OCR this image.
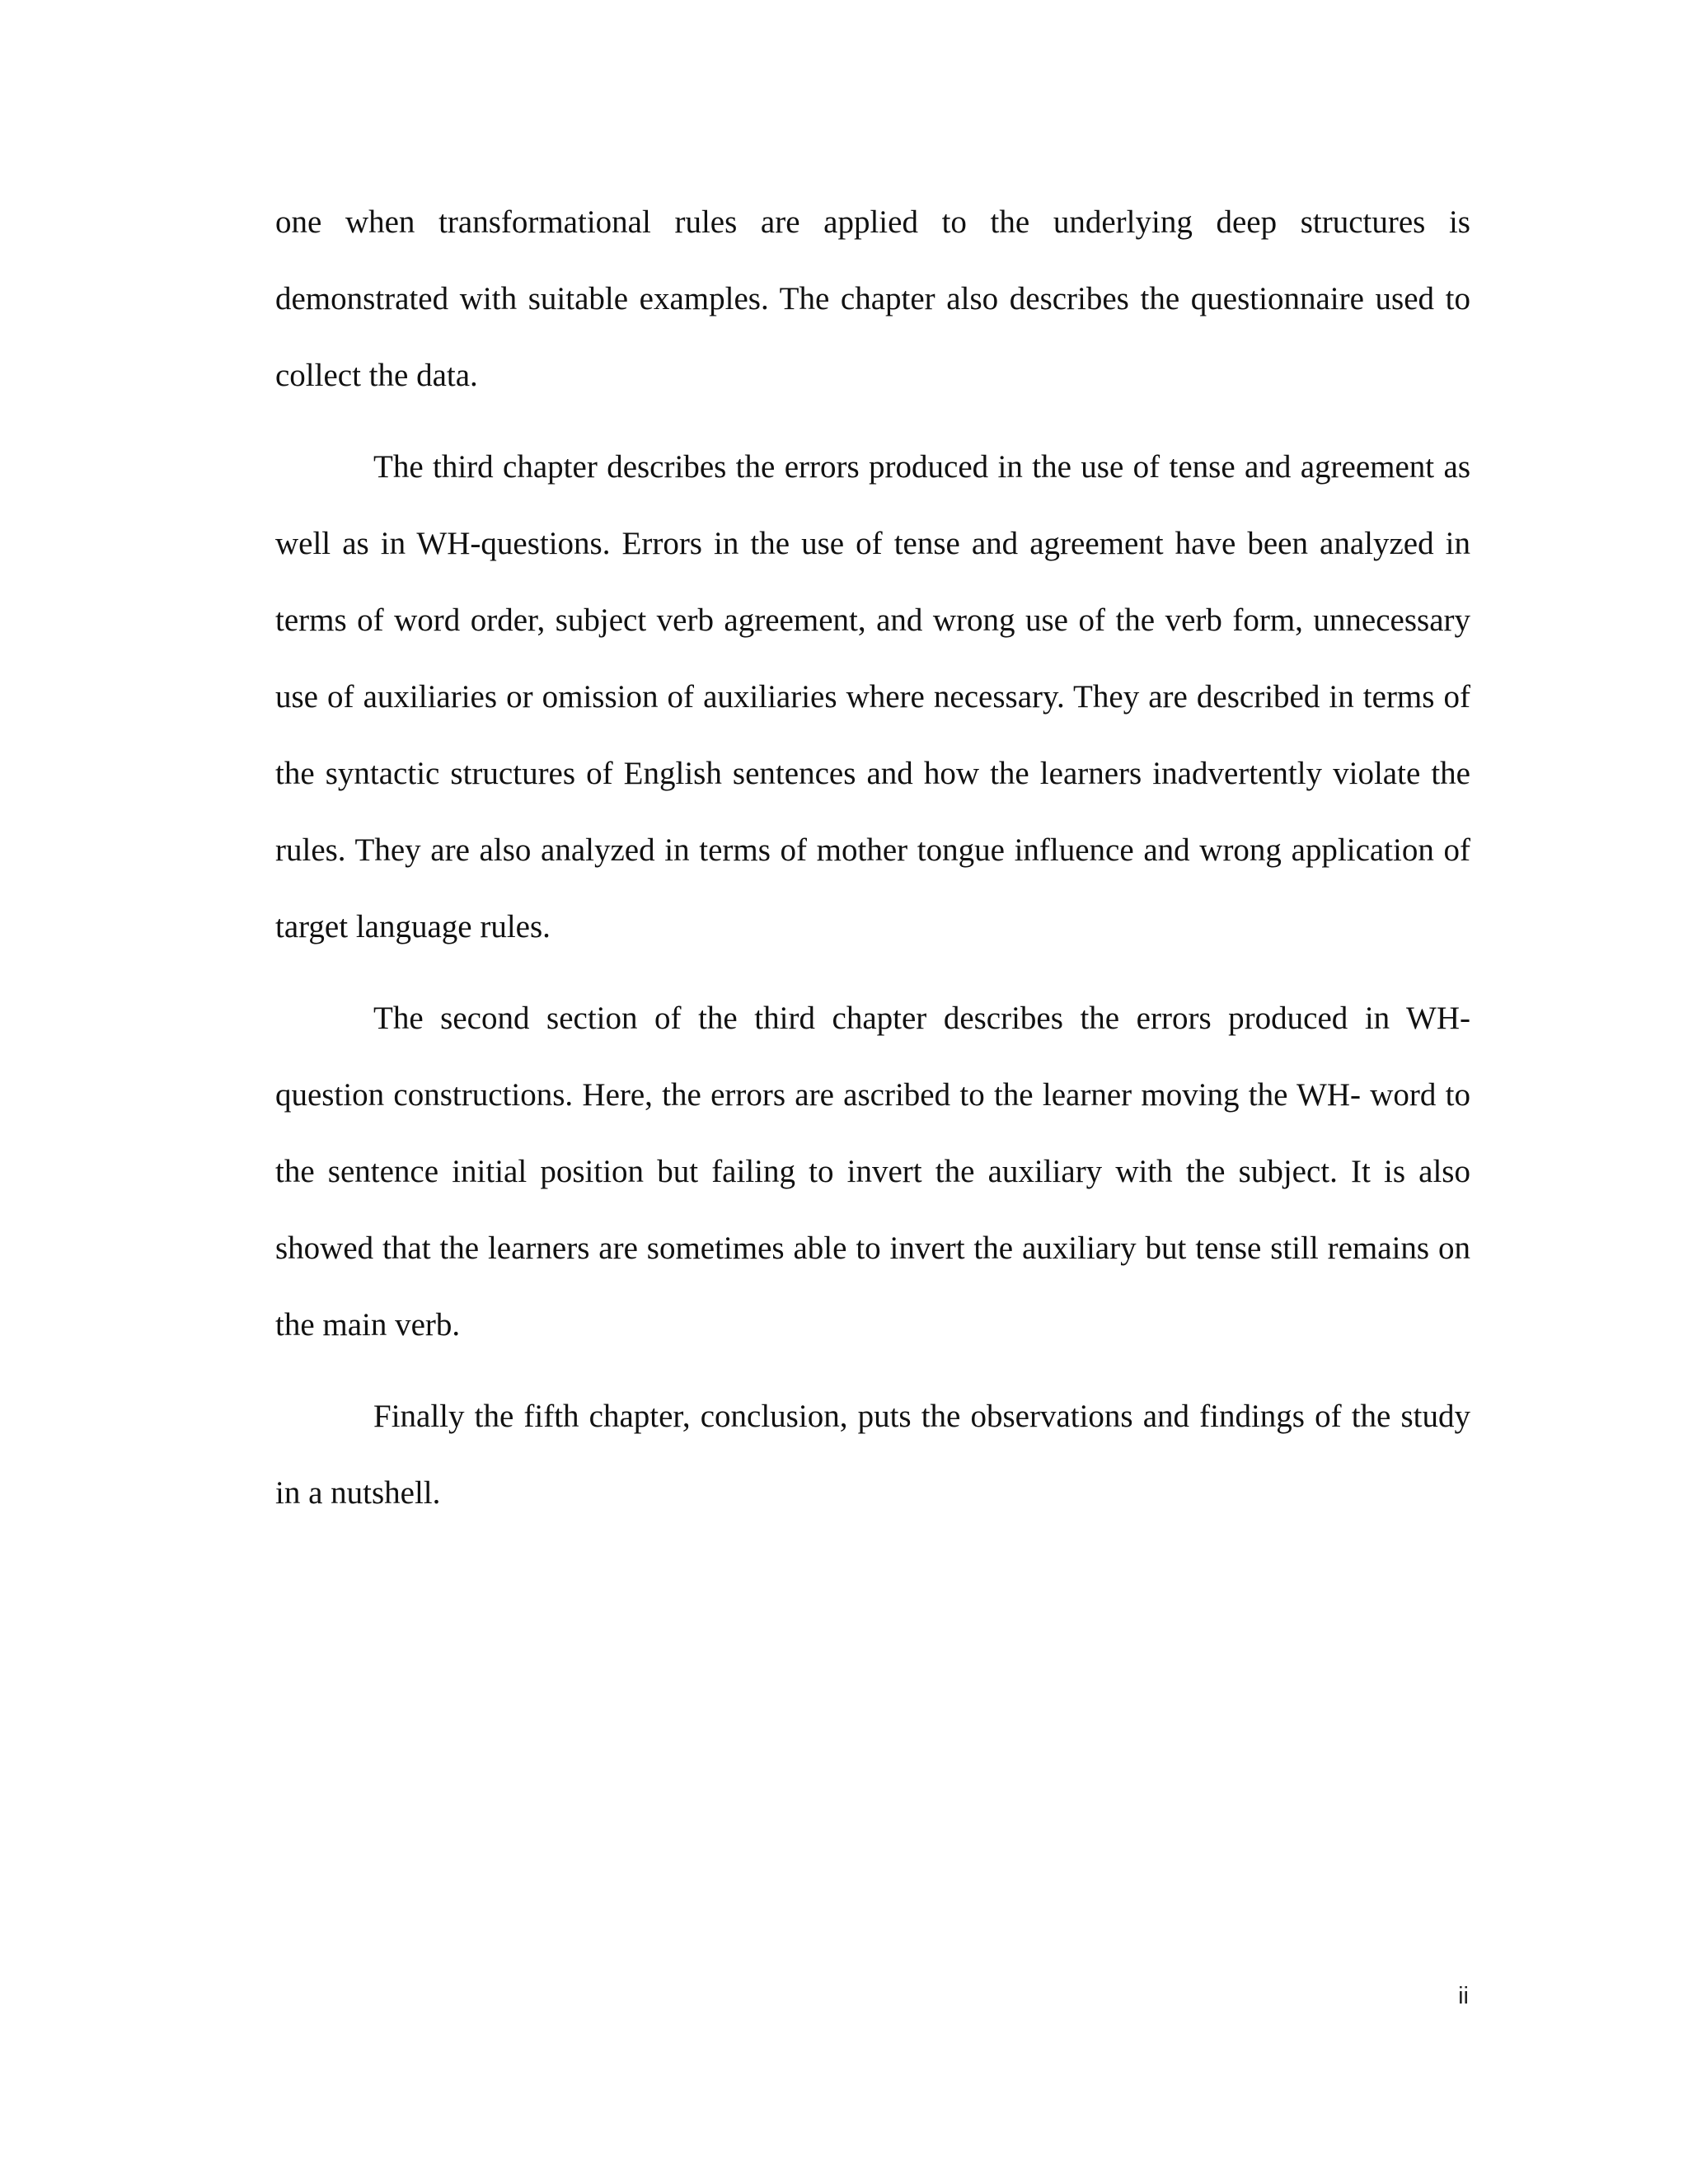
one when transformational rules are applied to the underlying deep structures is demonstrated with suitable examples. The chapter also describes the questionnaire used to collect the data.

The third chapter describes the errors produced in the use of tense and agreement as well as in WH-questions. Errors in the use of tense and agreement have been analyzed in terms of word order, subject verb agreement, and wrong use of the verb form, unnecessary use of auxiliaries or omission of auxiliaries where necessary. They are described in terms of the syntactic structures of English sentences and how the learners inadvertently violate the rules. They are also analyzed in terms of mother tongue influence and wrong application of target language rules.

The second section of the third chapter describes the errors produced in WH-question constructions. Here, the errors are ascribed to the learner moving the WH- word to the sentence initial position but failing to invert the auxiliary with the subject. It is also showed that the learners are sometimes able to invert the auxiliary but tense still remains on the main verb.

Finally the fifth chapter, conclusion, puts the observations and findings of the study in a nutshell.

ii
